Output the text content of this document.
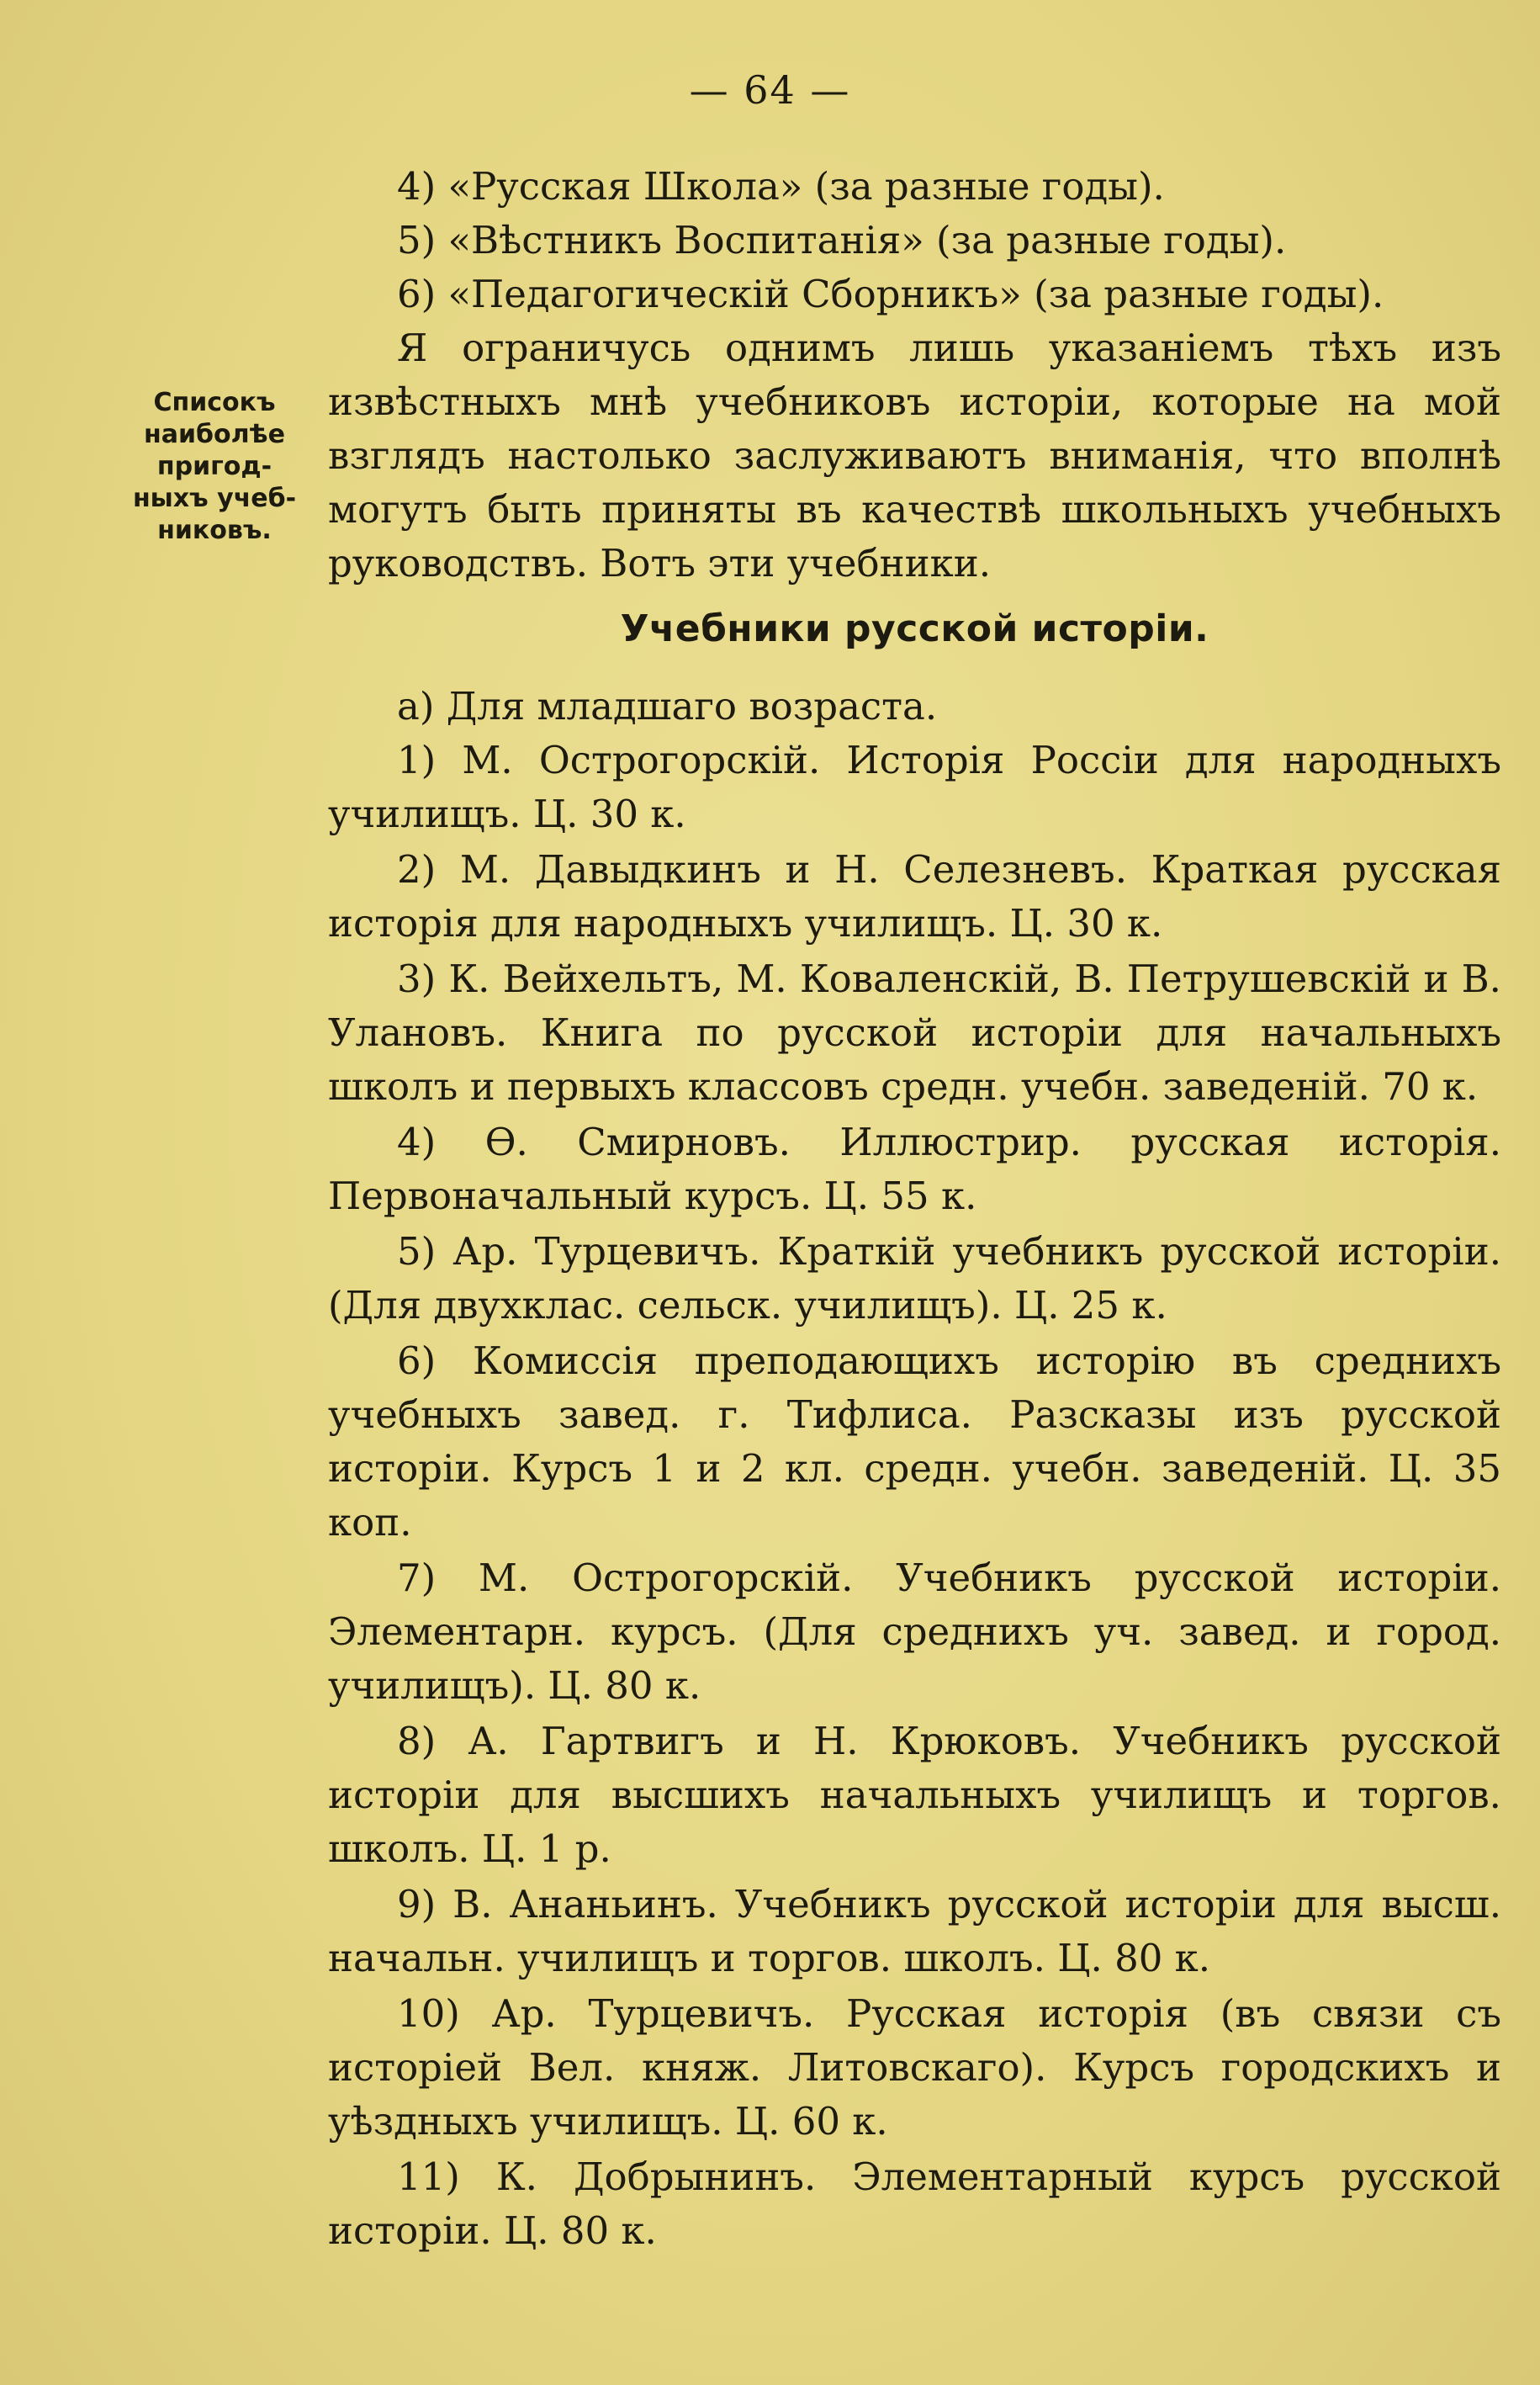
— 64 —
Списокъ
наиболѣе
пригод-
ныхъ учеб-
никовъ.

4) «Русская Школа» (за разные годы).

5) «Вѣстникъ Воспитанія» (за разные годы).

6) «Педагогическій Сборникъ» (за разные годы).

Я ограничусь однимъ лишь указаніемъ тѣхъ изъ извѣстныхъ мнѣ учебниковъ исторіи, которые на мой взглядъ настолько заслуживаютъ вниманія, что вполнѣ могутъ быть приняты въ качествѣ школьныхъ учебныхъ руководствъ. Вотъ эти учебники.

Учебники русской исторіи.

а) Для младшаго возраста.

1) М. Острогорскій. Исторія Россіи для народныхъ училищъ. Ц. 30 к.

2) М. Давыдкинъ и Н. Селезневъ. Краткая русская исторія для народныхъ училищъ. Ц. 30 к.

3) К. Вейхельтъ, М. Коваленскій, В. Петрушевскій и В. Улановъ. Книга по русской исторіи для начальныхъ школъ и первыхъ классовъ средн. учебн. заведеній. 70 к.

4) Ѳ. Смирновъ. Иллюстрир. русская исторія. Первоначальный курсъ. Ц. 55 к.

5) Ар. Турцевичъ. Краткій учебникъ русской исторіи. (Для двухклас. сельск. училищъ). Ц. 25 к.

6) Комиссія преподающихъ исторію въ среднихъ учебныхъ завед. г. Тифлиса. Разсказы изъ русской исторіи. Курсъ 1 и 2 кл. средн. учебн. заведеній. Ц. 35 коп.

7) М. Острогорскій. Учебникъ русской исторіи. Элементарн. курсъ. (Для среднихъ уч. завед. и город. училищъ). Ц. 80 к.

8) А. Гартвигъ и Н. Крюковъ. Учебникъ русской исторіи для высшихъ начальныхъ училищъ и торгов. школъ. Ц. 1 р.

9) В. Ананьинъ. Учебникъ русской исторіи для высш. начальн. училищъ и торгов. школъ. Ц. 80 к.

10) Ар. Турцевичъ. Русская исторія (въ связи съ исторіей Вел. княж. Литовскаго). Курсъ городскихъ и уѣздныхъ училищъ. Ц. 60 к.

11) К. Добрынинъ. Элементарный курсъ русской исторіи. Ц. 80 к.
